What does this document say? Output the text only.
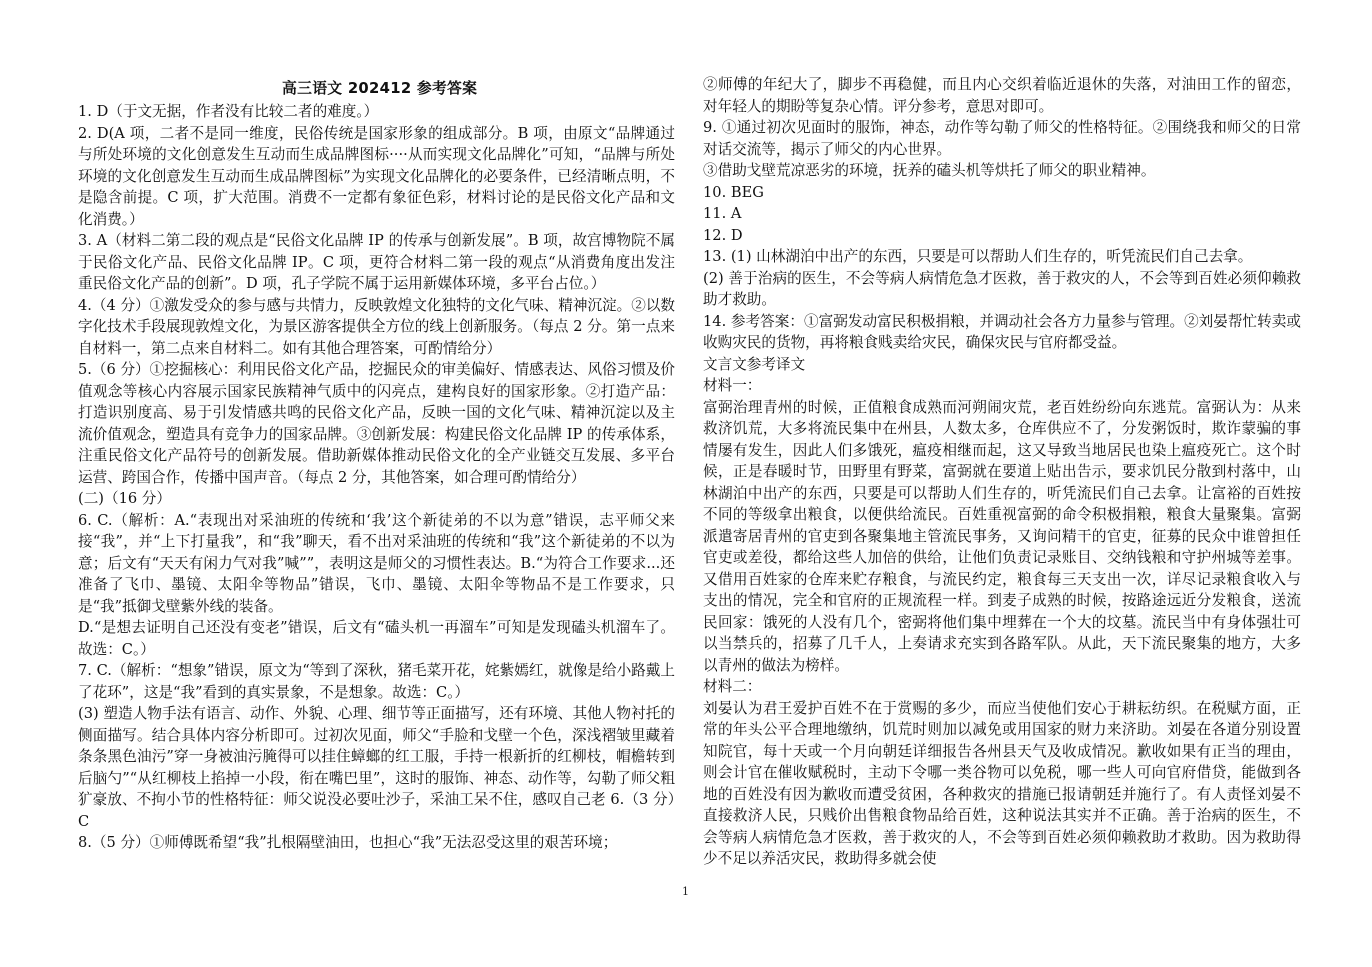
高三语文 202412 参考答案

1. D（于文无据，作者没有比较二者的难度。）

2. D(A 项，二者不是同一维度，民俗传统是国家形象的组成部分。B 项，由原文“品牌通过与所处环境的文化创意发生互动而生成品牌图标····从而实现文化品牌化”可知，“品牌与所处环境的文化创意发生互动而生成品牌图标”为实现文化品牌化的必要条件，已经清晰点明，不是隐含前提。C 项，扩大范围。消费不一定都有象征色彩，材料讨论的是民俗文化产品和文化消费。）

3. A（材料二第二段的观点是“民俗文化品牌 IP 的传承与创新发展”。B 项，故宫博物院不属于民俗文化产品、民俗文化品牌 IP。C 项，更符合材料二第一段的观点“从消费角度出发注重民俗文化产品的创新”。D 项，孔子学院不属于运用新媒体环境，多平台占位。）

4.（4 分）①激发受众的参与感与共情力，反映敦煌文化独特的文化气味、精神沉淀。②以数字化技术手段展现敦煌文化，为景区游客提供全方位的线上创新服务。（每点 2 分。第一点来自材料一，第二点来自材料二。如有其他合理答案，可酌情给分）

5.（6 分）①挖掘核心：利用民俗文化产品，挖掘民众的审美偏好、情感表达、风俗习惯及价值观念等核心内容展示国家民族精神气质中的闪亮点，建构良好的国家形象。②打造产品：打造识别度高、易于引发情感共鸣的民俗文化产品，反映一国的文化气味、精神沉淀以及主流价值观念，塑造具有竞争力的国家品牌。③创新发展：构建民俗文化品牌 IP 的传承体系，注重民俗文化产品符号的创新发展。借助新媒体推动民俗文化的全产业链交互发展、多平台运营、跨国合作，传播中国声音。（每点 2 分，其他答案，如合理可酌情给分）

(二)（16 分）

6. C.（解析：A.“表现出对采油班的传统和‘我’这个新徒弟的不以为意”错误，志平师父来接“我”，并“上下打量我”，和“我”聊天，看不出对采油班的传统和“我”这个新徒弟的不以为意；后文有“天天有闲力气对我”喊””，表明这是师父的习惯性表达。B.“为符合工作要求...还准备了飞巾、墨镜、太阳伞等物品”错误，飞巾、墨镜、太阳伞等物品不是工作要求，只是“我”抵御戈壁紫外线的装备。

D.“是想去证明自己还没有变老”错误，后文有“磕头机一再溜车”可知是发现磕头机溜车了。故选：C。）

7. C.（解析：“想象”错误，原文为“等到了深秋，猪毛菜开花，姹紫嫣红，就像是给小路戴上了花环”，这是“我”看到的真实景象，不是想象。故选：C。）

(3) 塑造人物手法有语言、动作、外貌、心理、细节等正面描写，还有环境、其他人物衬托的侧面描写。结合具体内容分析即可。过初次见面，师父“手脸和戈壁一个色，深浅褶皱里藏着条条黑色油污”穿一身被油污腌得可以挂住蟑螂的红工服，手持一根新折的红柳枝，帽檐转到后脑勺”“从红柳枝上掐掉一小段，衔在嘴巴里”，这时的服饰、神态、动作等，勾勒了师父粗犷豪放、不拘小节的性格特征：师父说没必要吐沙子，采油工呆不住，感叹自己老 6.（3 分）C

8.（5 分）①师傅既希望“我”扎根隔壁油田，也担心“我”无法忍受这里的艰苦环境；

②师傅的年纪大了，脚步不再稳健，而且内心交织着临近退休的失落，对油田工作的留恋，对年轻人的期盼等复杂心情。评分参考，意思对即可。

9. ①通过初次见面时的服饰，神态，动作等勾勒了师父的性格特征。②围绕我和师父的日常对话交流等，揭示了师父的内心世界。

③借助戈壁荒凉恶劣的环境，抚养的磕头机等烘托了师父的职业精神。

10. BEG

11. A

12. D

13. (1) 山林湖泊中出产的东西，只要是可以帮助人们生存的，听凭流民们自己去拿。

(2) 善于治病的医生，不会等病人病情危急才医救，善于救灾的人，不会等到百姓必须仰赖救助才救助。

14. 参考答案：①富弼发动富民积极捐粮，并调动社会各方力量参与管理。②刘晏帮忙转卖或收购灾民的货物，再将粮食贱卖给灾民，确保灾民与官府都受益。

文言文参考译文

材料一：

富弼治理青州的时候，正值粮食成熟而河朔闹灾荒，老百姓纷纷向东逃荒。富弼认为：从来救济饥荒，大多将流民集中在州县，人数太多，仓库供应不了，分发粥饭时，欺诈蒙骗的事情屡有发生，因此人们多饿死，瘟疫相继而起，这又导致当地居民也染上瘟疫死亡。这个时候，正是春暖时节，田野里有野菜，富弼就在要道上贴出告示，要求饥民分散到村落中，山林湖泊中出产的东西，只要是可以帮助人们生存的，听凭流民们自己去拿。让富裕的百姓按不同的等级拿出粮食，以便供给流民。百姓重视富弼的命令积极捐粮，粮食大量聚集。富弼派遣寄居青州的官吏到各聚集地主管流民事务，又询问精干的官吏，征募的民众中谁曾担任官吏或差役，都给这些人加倍的供给，让他们负责记录账目、交纳钱粮和守护州城等差事。又借用百姓家的仓库来贮存粮食，与流民约定，粮食每三天支出一次，详尽记录粮食收入与支出的情况，完全和官府的正规流程一样。到麦子成熟的时候，按路途远近分发粮食，送流民回家：饿死的人没有几个，密弼将他们集中埋葬在一个大的坟墓。流民当中有身体强壮可以当禁兵的，招募了几千人，上奏请求充实到各路军队。从此，天下流民聚集的地方，大多以青州的做法为榜样。

材料二：

刘晏认为君王爱护百姓不在于赏赐的多少，而应当使他们安心于耕耘纺织。在税赋方面，正常的年头公平合理地缴纳，饥荒时则加以减免或用国家的财力来济助。刘晏在各道分别设置知院官，每十天或一个月向朝廷详细报告各州县天气及收成情况。歉收如果有正当的理由，则会计官在催收赋税时，主动下令哪一类谷物可以免税，哪一些人可向官府借贷，能做到各地的百姓没有因为歉收而遭受贫困，各种救灾的措施已报请朝廷并施行了。有人责怪刘晏不直接救济人民，只贱价出售粮食物品给百姓，这种说法其实并不正确。善于治病的医生，不会等病人病情危急才医救，善于救灾的人，不会等到百姓必须仰赖救助才救助。因为救助得少不足以养活灾民，救助得多就会使

1
